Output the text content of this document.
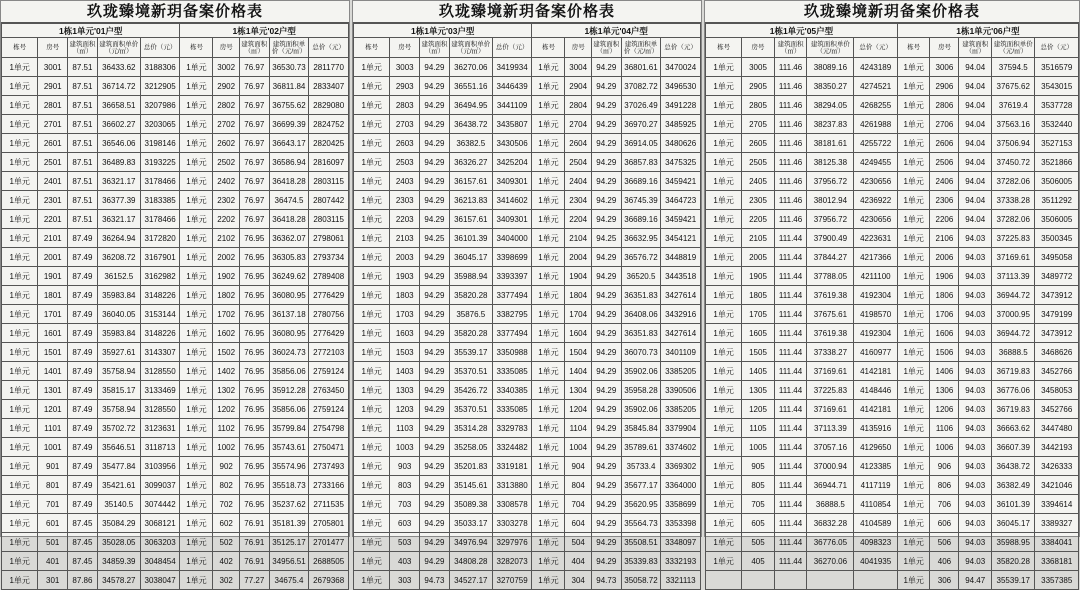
玖珑臻境新玥备案价格表
1栋1单元'01户型					1栋1单元'02户型				
栋号	房号	建筑面积（㎡）	建筑面积单价（元/㎡）	总价（元）	栋号	房号	建筑面积（㎡）	建筑面积单价（元/㎡）	总价（元）
1单元	3001	87.51	36433.62	3188306	1单元	3002	76.97	36530.73	2811770
1单元	2901	87.51	36714.72	3212905	1单元	2902	76.97	36811.84	2833407
1单元	2801	87.51	36658.51	3207986	1单元	2802	76.97	36755.62	2829080
1单元	2701	87.51	36602.27	3203065	1单元	2702	76.97	36699.39	2824752
1单元	2601	87.51	36546.06	3198146	1单元	2602	76.97	36643.17	2820425
1单元	2501	87.51	36489.83	3193225	1单元	2502	76.97	36586.94	2816097
1单元	2401	87.51	36321.17	3178466	1单元	2402	76.97	36418.28	2803115
1单元	2301	87.51	36377.39	3183385	1单元	2302	76.97	36474.5	2807442
1单元	2201	87.51	36321.17	3178466	1单元	2202	76.97	36418.28	2803115
1单元	2101	87.49	36264.94	3172820	1单元	2102	76.95	36362.07	2798061
1单元	2001	87.49	36208.72	3167901	1单元	2002	76.95	36305.83	2793734
1单元	1901	87.49	36152.5	3162982	1单元	1902	76.95	36249.62	2789408
1单元	1801	87.49	35983.84	3148226	1单元	1802	76.95	36080.95	2776429
1单元	1701	87.49	36040.05	3153144	1单元	1702	76.95	36137.18	2780756
1单元	1601	87.49	35983.84	3148226	1单元	1602	76.95	36080.95	2776429
1单元	1501	87.49	35927.61	3143307	1单元	1502	76.95	36024.73	2772103
1单元	1401	87.49	35758.94	3128550	1单元	1402	76.95	35856.06	2759124
1单元	1301	87.49	35815.17	3133469	1单元	1302	76.95	35912.28	2763450
1单元	1201	87.49	35758.94	3128550	1单元	1202	76.95	35856.06	2759124
1单元	1101	87.49	35702.72	3123631	1单元	1102	76.95	35799.84	2754798
1单元	1001	87.49	35646.51	3118713	1单元	1002	76.95	35743.61	2750471
1单元	901	87.49	35477.84	3103956	1单元	902	76.95	35574.96	2737493
1单元	801	87.49	35421.61	3099037	1单元	802	76.95	35518.73	2733166
1单元	701	87.49	35140.5	3074442	1单元	702	76.95	35237.62	2711535
1单元	601	87.45	35084.29	3068121	1单元	602	76.91	35181.39	2705801
1单元	501	87.45	35028.05	3063203	1单元	502	76.91	35125.17	2701477
1单元	401	87.45	34859.39	3048454	1单元	402	76.91	34956.51	2688505
1单元	301	87.86	34578.27	3038047	1单元	302	77.27	34675.4	2679368
玖珑臻境新玥备案价格表
1栋1单元'03户型					1栋1单元'04户型				
栋号	房号	建筑面积（㎡）	建筑面积单价（元/㎡）	总价（元）	栋号	房号	建筑面积（㎡）	建筑面积单价（元/㎡）	总价（元）
1单元	3003	94.29	36270.06	3419934	1单元	3004	94.29	36801.61	3470024
1单元	2903	94.29	36551.16	3446439	1单元	2904	94.29	37082.72	3496530
1单元	2803	94.29	36494.95	3441109	1单元	2804	94.29	37026.49	3491228
1单元	2703	94.29	36438.72	3435807	1单元	2704	94.29	36970.27	3485925
1单元	2603	94.29	36382.5	3430506	1单元	2604	94.29	36914.05	3480626
1单元	2503	94.29	36326.27	3425204	1单元	2504	94.29	36857.83	3475325
1单元	2403	94.29	36157.61	3409301	1单元	2404	94.29	36689.16	3459421
1单元	2303	94.29	36213.83	3414602	1单元	2304	94.29	36745.39	3464723
1单元	2203	94.29	36157.61	3409301	1单元	2204	94.29	36689.16	3459421
1单元	2103	94.25	36101.39	3404000	1单元	2104	94.25	36632.95	3454121
1单元	2003	94.29	36045.17	3398699	1单元	2004	94.29	36576.72	3448819
1单元	1903	94.29	35988.94	3393397	1单元	1904	94.29	36520.5	3443518
1单元	1803	94.29	35820.28	3377494	1单元	1804	94.29	36351.83	3427614
1单元	1703	94.29	35876.5	3382795	1单元	1704	94.29	36408.06	3432916
1单元	1603	94.29	35820.28	3377494	1单元	1604	94.29	36351.83	3427614
1单元	1503	94.29	35539.17	3350988	1单元	1504	94.29	36070.73	3401109
1单元	1403	94.29	35370.51	3335085	1单元	1404	94.29	35902.06	3385205
1单元	1303	94.29	35426.72	3340385	1单元	1304	94.29	35958.28	3390506
1单元	1203	94.29	35370.51	3335085	1单元	1204	94.29	35902.06	3385205
1单元	1103	94.29	35314.28	3329783	1单元	1104	94.29	35845.84	3379904
1单元	1003	94.29	35258.05	3324482	1单元	1004	94.29	35789.61	3374602
1单元	903	94.29	35201.83	3319181	1单元	904	94.29	35733.4	3369302
1单元	803	94.29	35145.61	3313880	1单元	804	94.29	35677.17	3364000
1单元	703	94.29	35089.38	3308578	1单元	704	94.29	35620.95	3358699
1单元	603	94.29	35033.17	3303278	1单元	604	94.29	35564.73	3353398
1单元	503	94.29	34976.94	3297976	1单元	504	94.29	35508.51	3348097
1单元	403	94.29	34808.28	3282073	1单元	404	94.29	35339.83	3332193
1单元	303	94.73	34527.17	3270759	1单元	304	94.73	35058.72	3321113
玖珑臻境新玥备案价格表
1栋1单元'05户型					1栋1单元'06户型				
栋号	房号	建筑面积（㎡）	建筑面积单价（元/㎡）	总价（元）	栋号	房号	建筑面积（㎡）	建筑面积单价（元/㎡）	总价（元）
1单元	3005	111.46	38089.16	4243189	1单元	3006	94.04	37594.5	3516579
1单元	2905	111.46	38350.27	4274521	1单元	2906	94.04	37675.62	3543015
1单元	2805	111.46	38294.05	4268255	1单元	2806	94.04	37619.4	3537728
1单元	2705	111.46	38237.83	4261988	1单元	2706	94.04	37563.16	3532440
1单元	2605	111.46	38181.61	4255722	1单元	2606	94.04	37506.94	3527153
1单元	2505	111.46	38125.38	4249455	1单元	2506	94.04	37450.72	3521866
1单元	2405	111.46	37956.72	4230656	1单元	2406	94.04	37282.06	3506005
1单元	2305	111.46	38012.94	4236922	1单元	2306	94.04	37338.28	3511292
1单元	2205	111.46	37956.72	4230656	1单元	2206	94.04	37282.06	3506005
1单元	2105	111.44	37900.49	4223631	1单元	2106	94.03	37225.83	3500345
1单元	2005	111.44	37844.27	4217366	1单元	2006	94.03	37169.61	3495058
1单元	1905	111.44	37788.05	4211100	1单元	1906	94.03	37113.39	3489772
1单元	1805	111.44	37619.38	4192304	1单元	1806	94.03	36944.72	3473912
1单元	1705	111.44	37675.61	4198570	1单元	1706	94.03	37000.95	3479199
1单元	1605	111.44	37619.38	4192304	1单元	1606	94.03	36944.72	3473912
1单元	1505	111.44	37338.27	4160977	1单元	1506	94.03	36888.5	3468626
1单元	1405	111.44	37169.61	4142181	1单元	1406	94.03	36719.83	3452766
1单元	1305	111.44	37225.83	4148446	1单元	1306	94.03	36776.06	3458053
1单元	1205	111.44	37169.61	4142181	1单元	1206	94.03	36719.83	3452766
1单元	1105	111.44	37113.39	4135916	1单元	1106	94.03	36663.62	3447480
1单元	1005	111.44	37057.16	4129650	1单元	1006	94.03	36607.39	3442193
1单元	905	111.44	37000.94	4123385	1单元	906	94.03	36438.72	3426333
1单元	805	111.44	36944.71	4117119	1单元	806	94.03	36382.49	3421046
1单元	705	111.44	36888.5	4110854	1单元	706	94.03	36101.39	3394614
1单元	605	111.44	36832.28	4104589	1单元	606	94.03	36045.17	3389327
1单元	505	111.44	36776.05	4098323	1单元	506	94.03	35988.95	3384041
1单元	405	111.44	36270.06	4041935	1单元	406	94.03	35820.28	3368181
					1单元	306	94.47	35539.17	3357385
